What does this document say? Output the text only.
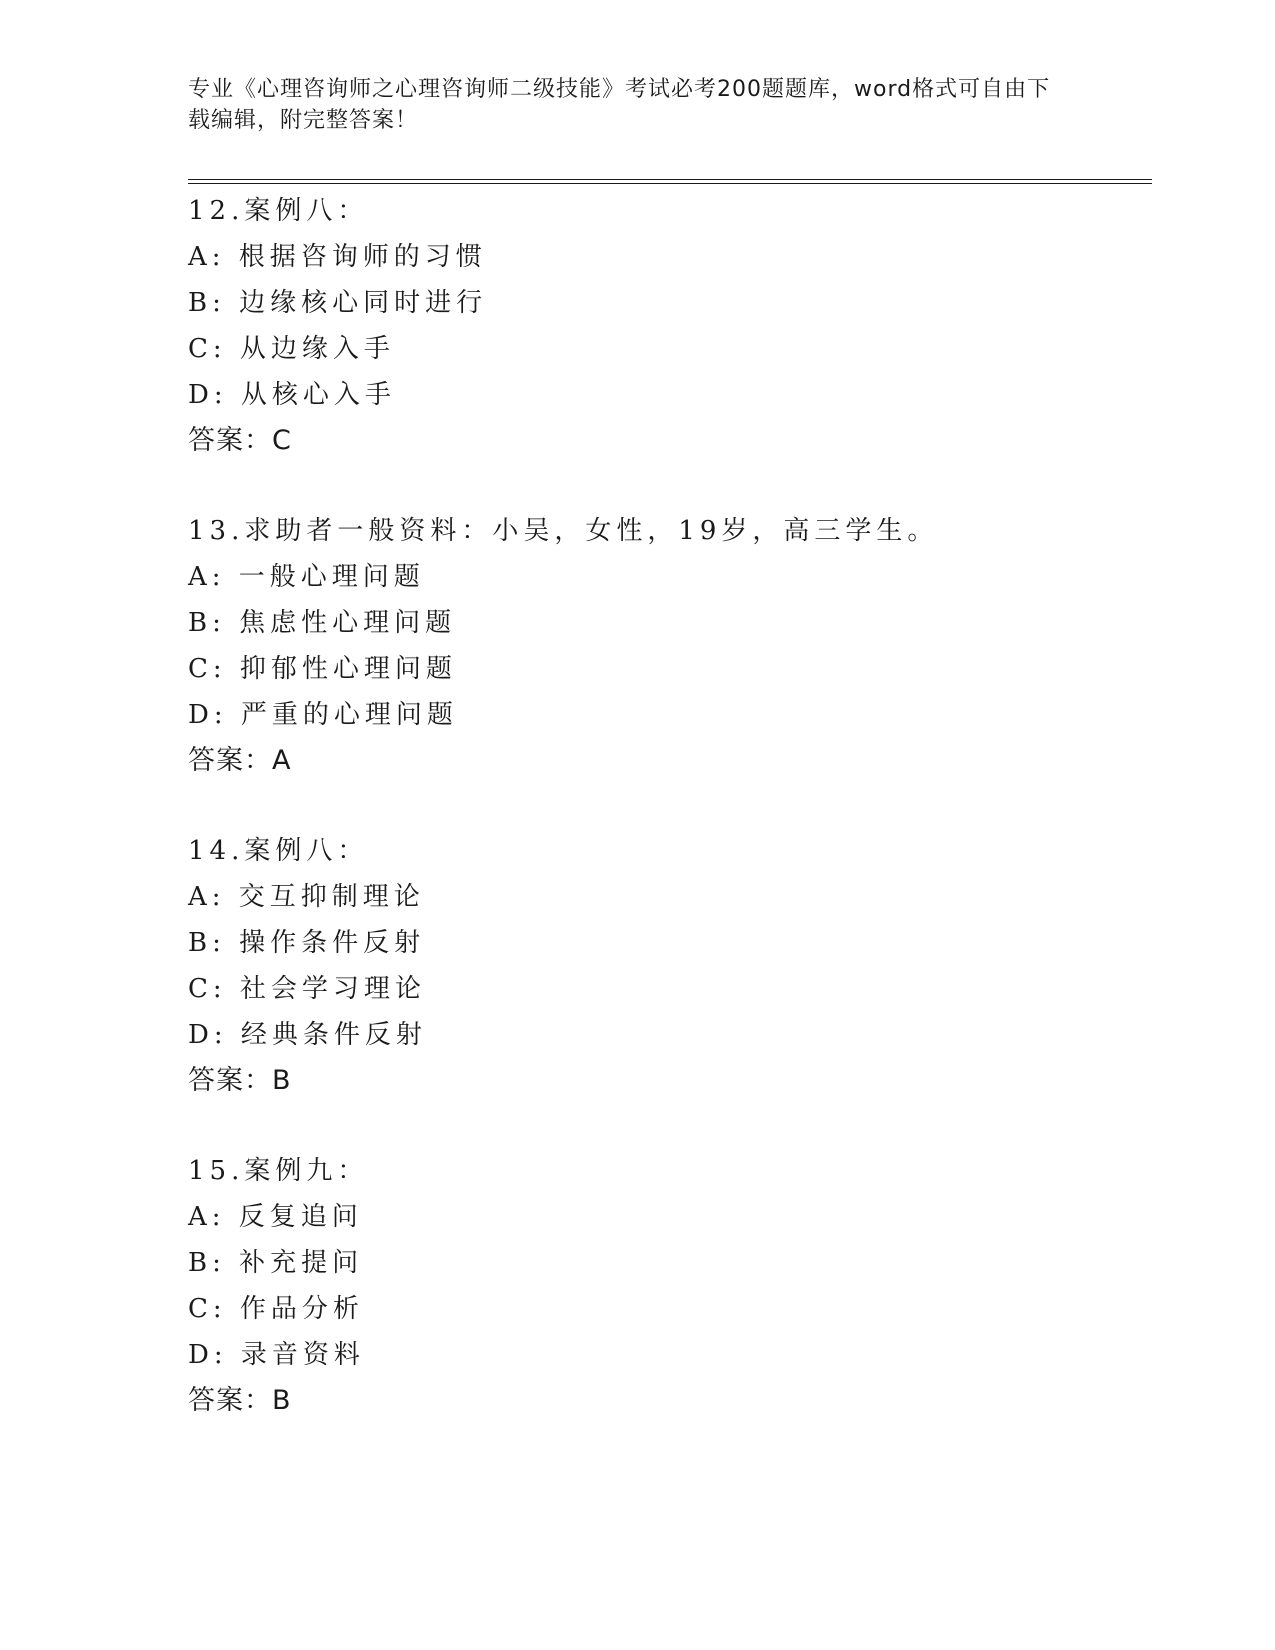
专业《心理咨询师之心理咨询师二级技能》考试必考200题题库，word格式可自由下载编辑，附完整答案！
12.案例八：
A: 根据咨询师的习惯
B: 边缘核心同时进行
C: 从边缘入手
D: 从核心入手
答案：C
13.求助者一般资料：小吴，女性，19岁，高三学生。
A: 一般心理问题
B: 焦虑性心理问题
C: 抑郁性心理问题
D: 严重的心理问题
答案：A
14.案例八：
A: 交互抑制理论
B: 操作条件反射
C: 社会学习理论
D: 经典条件反射
答案：B
15.案例九：
A: 反复追问
B: 补充提问
C: 作品分析
D: 录音资料
答案：B
